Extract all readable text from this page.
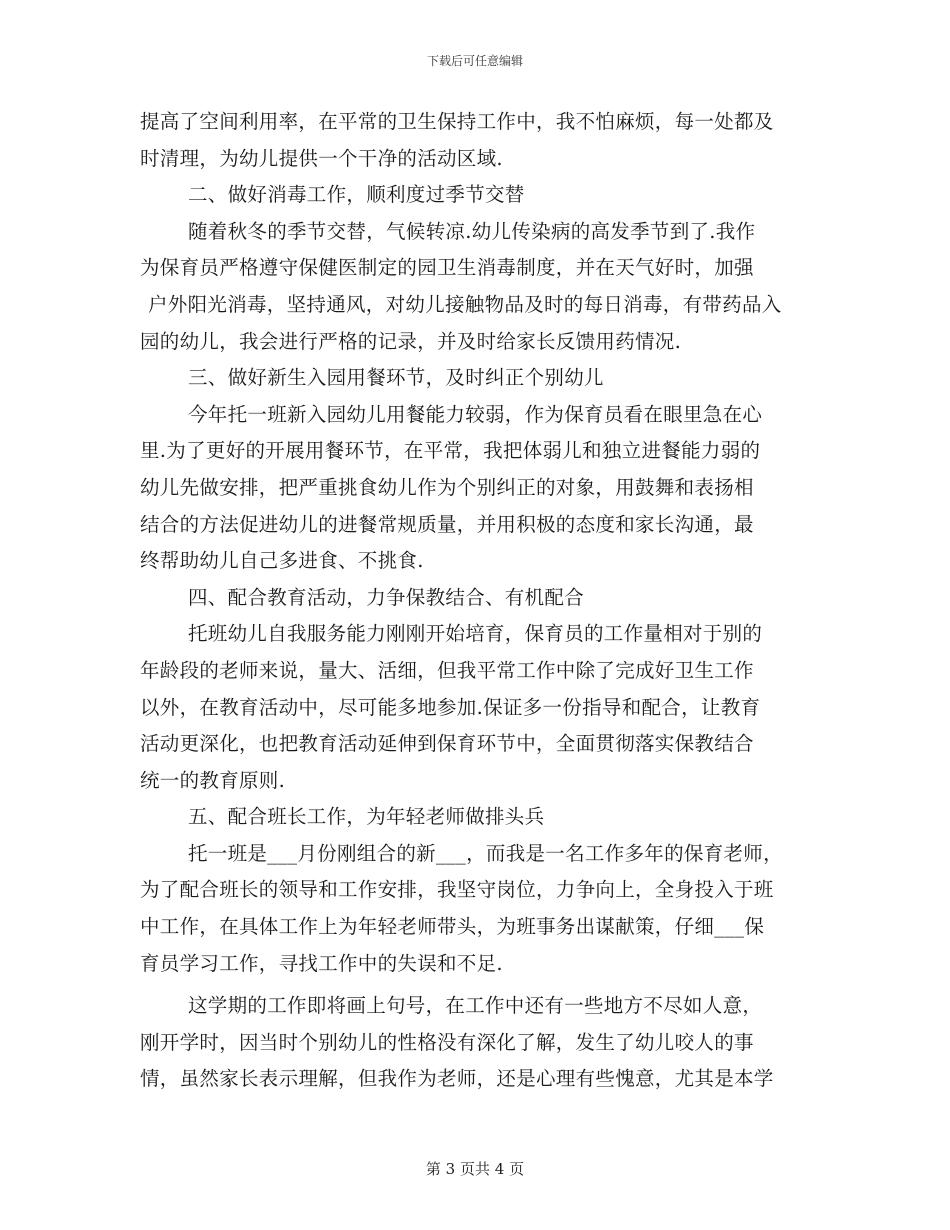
下载后可任意编辑
提高了空间利用率，在平常的卫生保持工作中，我不怕麻烦，每一处都及
时清理，为幼儿提供一个干净的活动区域.
二、做好消毒工作，顺利度过季节交替
随着秋冬的季节交替，气候转凉.幼儿传染病的高发季节到了.我作
为保育员严格遵守保健医制定的园卫生消毒制度，并在天气好时，加强
户外阳光消毒，坚持通风，对幼儿接触物品及时的每日消毒，有带药品入
园的幼儿，我会进行严格的记录，并及时给家长反馈用药情况.
三、做好新生入园用餐环节，及时纠正个别幼儿
今年托一班新入园幼儿用餐能力较弱，作为保育员看在眼里急在心
里.为了更好的开展用餐环节，在平常，我把体弱儿和独立进餐能力弱的
幼儿先做安排，把严重挑食幼儿作为个别纠正的对象，用鼓舞和表扬相
结合的方法促进幼儿的进餐常规质量，并用积极的态度和家长沟通，最
终帮助幼儿自己多进食、不挑食.
四、配合教育活动，力争保教结合、有机配合
托班幼儿自我服务能力刚刚开始培育，保育员的工作量相对于别的
年龄段的老师来说，量大、活细，但我平常工作中除了完成好卫生工作
以外，在教育活动中，尽可能多地参加.保证多一份指导和配合，让教育
活动更深化，也把教育活动延伸到保育环节中，全面贯彻落实保教结合
统一的教育原则.
五、配合班长工作，为年轻老师做排头兵
托一班是___月份刚组合的新___，而我是一名工作多年的保育老师，
为了配合班长的领导和工作安排，我坚守岗位，力争向上，全身投入于班
中工作，在具体工作上为年轻老师带头，为班事务出谋献策，仔细___保
育员学习工作，寻找工作中的失误和不足.
这学期的工作即将画上句号，在工作中还有一些地方不尽如人意，
刚开学时，因当时个别幼儿的性格没有深化了解，发生了幼儿咬人的事
情，虽然家长表示理解，但我作为老师，还是心理有些愧意，尤其是本学
第 3 页共 4 页
